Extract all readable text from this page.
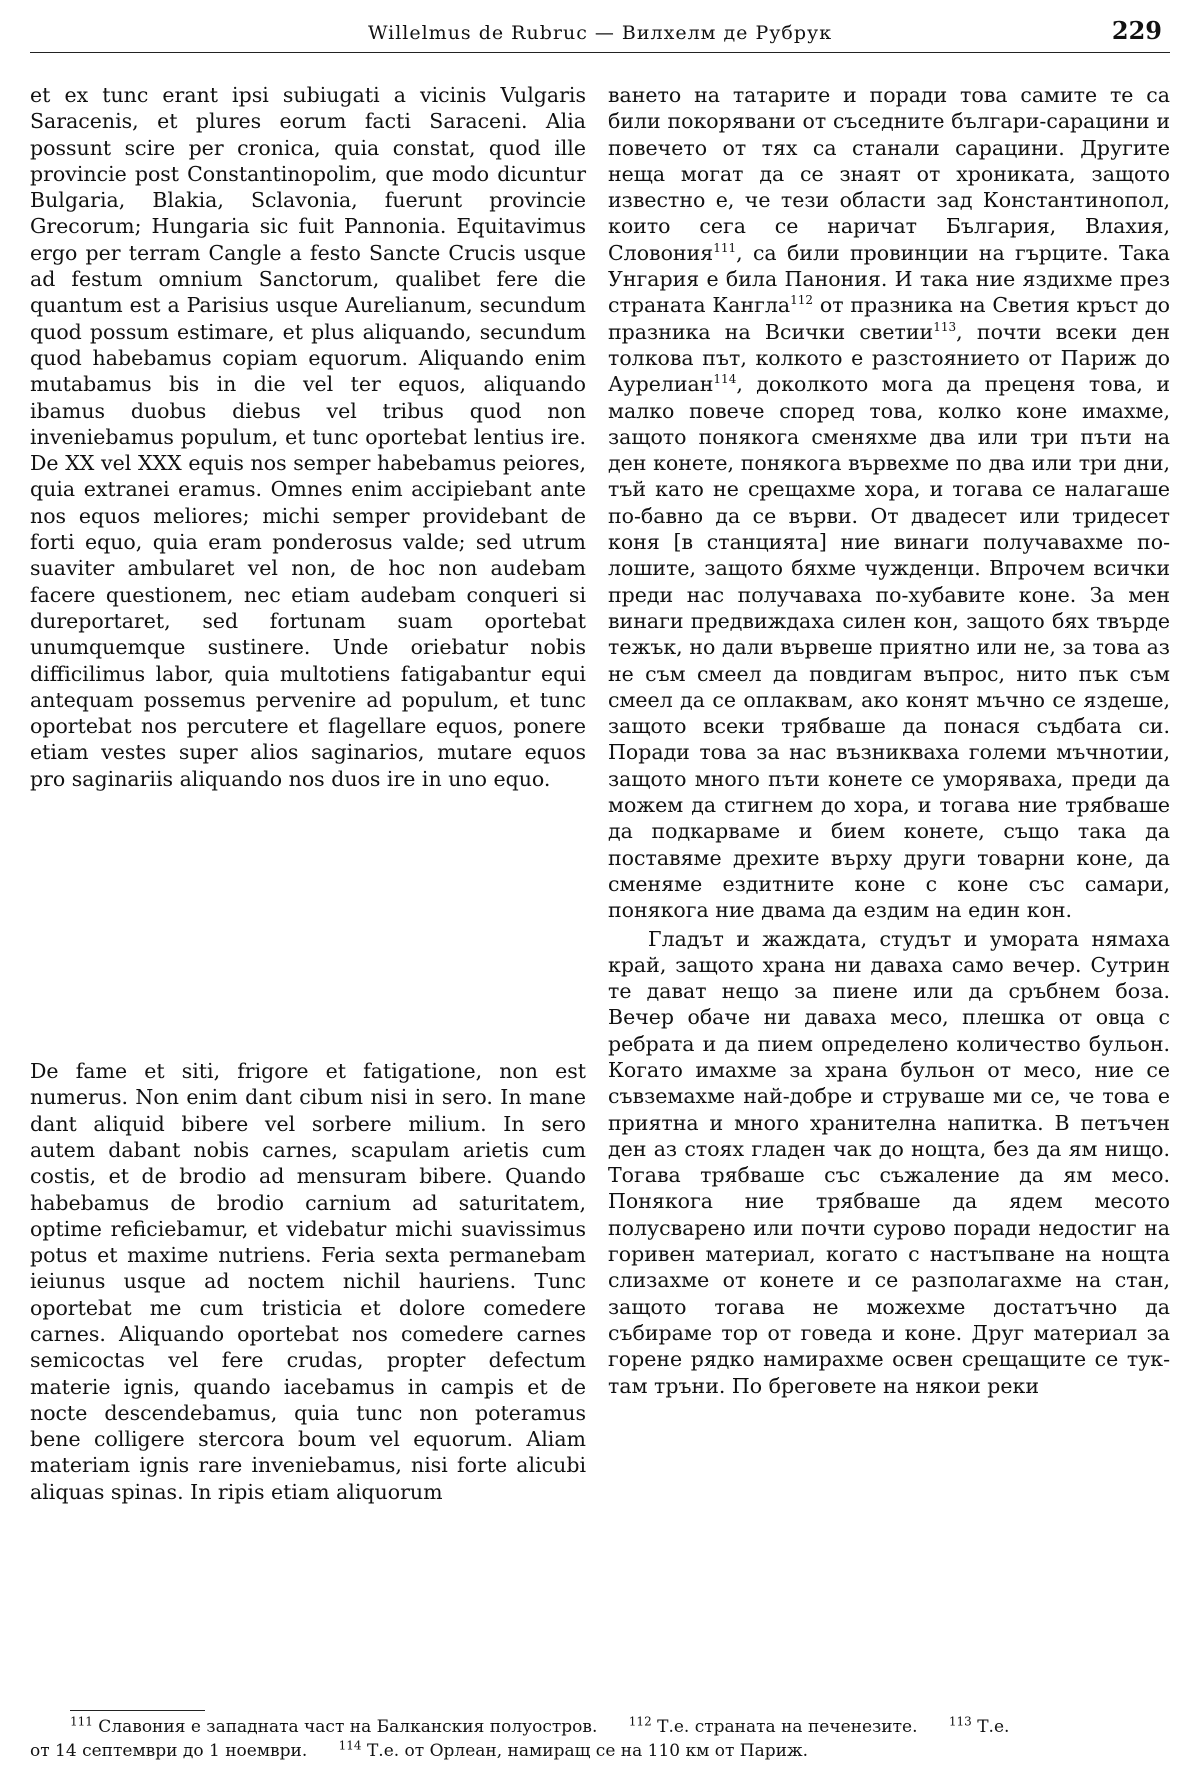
Willelmus de Rubruc — Вилхелм де Рубрук	229

et ex tunc erant ipsi subiugati a vicinis Vulgaris Saracenis, et plures eorum facti Saraceni. Alia possunt scire per cronica, quia constat, quod ille provincie post Constantinopolim, que modo dicuntur Bulgaria, Blakia, Sclavonia, fuerunt provincie Grecorum; Hungaria sic fuit Pannonia. Equitavimus ergo per terram Cangle a festo Sancte Crucis usque ad festum omnium Sanctorum, qualibet fere die quantum est a Parisius usque Aurelianum, secundum quod possum estimare, et plus aliquando, secundum quod habebamus copiam equorum. Aliquando enim mutabamus bis in die vel ter equos, aliquando ibamus duobus diebus vel tribus quod non inveniebamus populum, et tunc oportebat lentius ire. De XX vel XXX equis nos semper habebamus peiores, quia extranei eramus. Omnes enim accipiebant ante nos equos meliores; michi semper providebant de forti equo, quia eram ponderosus valde; sed utrum suaviter ambularet vel non, de hoc non audebam facere questionem, nec etiam audebam conqueri si dureportaret, sed fortunam suam oportebat unumquemque sustinere. Unde oriebatur nobis difficilimus labor, quia multotiens fatigabantur equi antequam possemus pervenire ad populum, et tunc oportebat nos percutere et flagellare equos, ponere etiam vestes super alios saginarios, mutare equos pro saginariis aliquando nos duos ire in uno equo.

De fame et siti, frigore et fatigatione, non est numerus. Non enim dant cibum nisi in sero. In mane dant aliquid bibere vel sorbere milium. In sero autem dabant nobis carnes, scapulam arietis cum costis, et de brodio ad mensuram bibere. Quando habebamus de brodio carnium ad saturitatem, optime reficiebamur, et videbatur michi suavissimus potus et maxime nutriens. Feria sexta permanebam ieiunus usque ad noctem nichil hauriens. Tunc oportebat me cum tristicia et dolore comedere carnes. Aliquando oportebat nos comedere carnes semicoctas vel fere crudas, propter defectum materie ignis, quando iacebamus in campis et de nocte descendebamus, quia tunc non poteramus bene colligere stercora boum vel equorum. Aliam materiam ignis rare inveniebamus, nisi forte alicubi aliquas spinas. In ripis etiam aliquorum

ването на татарите и поради това самите те са били покорявани от съседните българи-сарацини и повечето от тях са станали сарацини. Другите неща могат да се знаят от хрониката, защото известно е, че тези области зад Константинопол, които сега се наричат България, Влахия, Словония$^{111}$, са били провинции на гърците. Така Унгария е била Панония. И така ние яздихме през страната Кангла$^{112}$ от празника на Светия кръст до празника на Всички светии$^{113}$, почти всеки ден толкова път, колкото е разстоянието от Париж до Аурелиан$^{114}$, доколкото мога да преценя това, и малко повече според това, колко коне имахме, защото понякога сменяхме два или три пъти на ден конете, понякога вървехме по два или три дни, тъй като не срещахме хора, и тогава се налагаше по-бавно да се върви. От двадесет или тридесет коня [в станцията] ние винаги получавахме по-лошите, защото бяхме чужденци. Впрочем всички преди нас получаваха по-хубавите коне. За мен винаги предвиждаха силен кон, защото бях твърде тежък, но дали вървеше приятно или не, за това аз не съм смеел да повдигам въпрос, нито пък съм смеел да се оплаквам, ако конят мъчно се яздеше, защото всеки трябваше да понася съдбата си. Поради това за нас възникваха големи мъчнотии, защото много пъти конете се уморяваха, преди да можем да стигнем до хора, и тогава ние трябваше да подкарваме и бием конете, също така да поставяме дрехите върху други товарни коне, да сменяме ездитните коне с коне със самари, понякога ние двама да ездим на един кон.

Гладът и жаждата, студът и умората нямаха край, защото храна ни даваха само вечер. Сутрин те дават нещо за пиене или да сръбнем боза. Вечер обаче ни даваха месо, плешка от овца с ребрата и да пием определено количество бульон. Когато имахме за храна бульон от месо, ние се съвземахме най-добре и струваше ми се, че това е приятна и много хранителна напитка. В петъчен ден аз стоях гладен чак до нощта, без да ям нищо. Тогава трябваше със съжаление да ям месо. Понякога ние трябваше да ядем месото полусварено или почти сурово поради недостиг на горивен материал, когато с настъпване на нощта слизахме от конете и се разполагахме на стан, защото тогава не можехме достатъчно да събираме тор от говеда и коне. Друг материал за горене рядко намирахме освен срещащите се тук-там тръни. По бреговете на някои реки

$^{111}$ Славония е западната част на Балканския полуостров.	$^{112}$ Т.е. страната на печенезите.	$^{113}$ Т.е.
от 14 септември до 1 ноември.	$^{114}$ Т.е. от Орлеан, намиращ се на 110 км от Париж.
